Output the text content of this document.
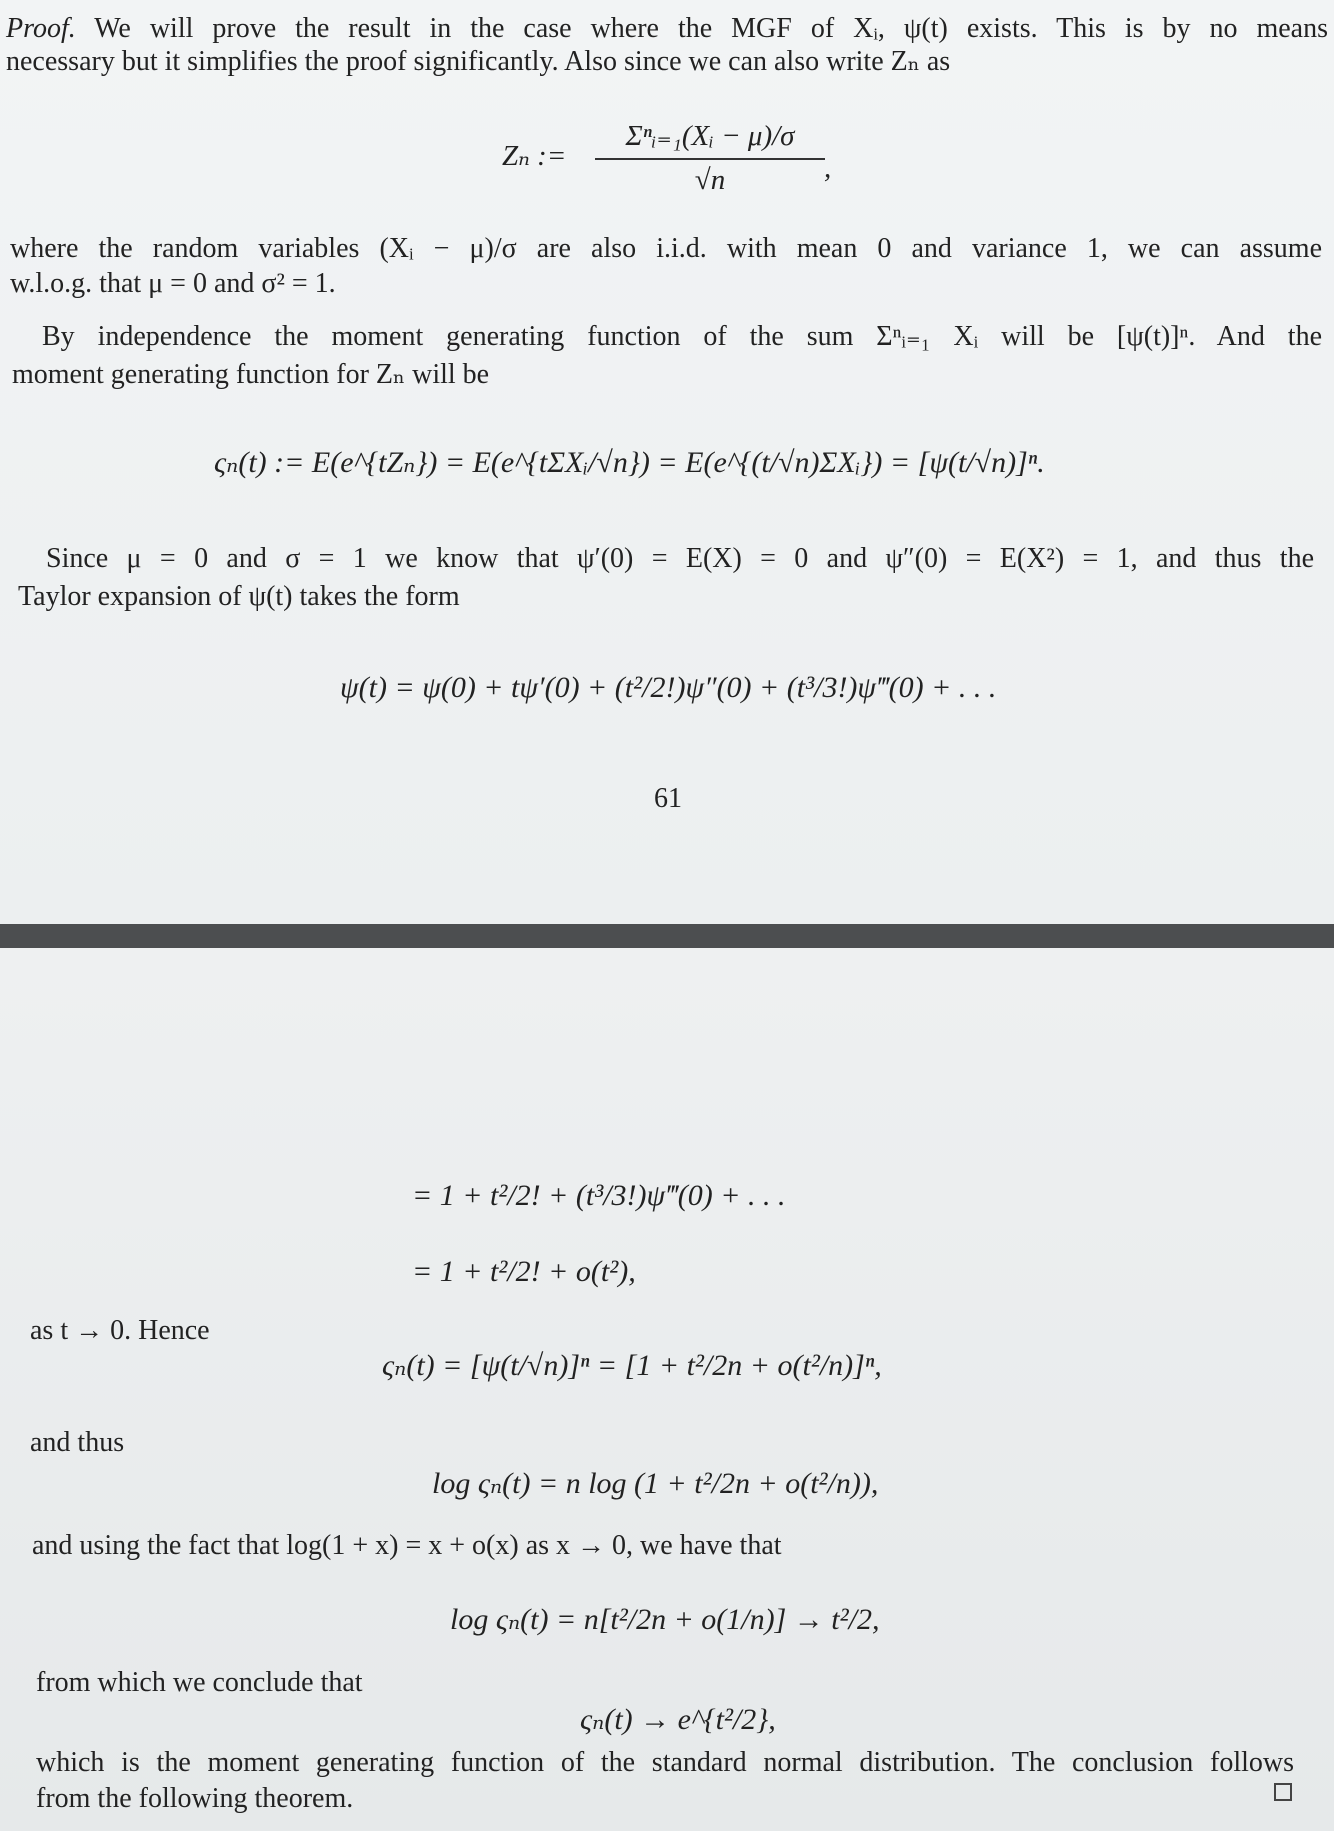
Proof. We will prove the result in the case where the MGF of Xᵢ, ψ(t) exists. This is by no means
necessary but it simplifies the proof significantly. Also since we can also write Zₙ as
Zₙ :=
Σⁿᵢ₌₁(Xᵢ − μ)/σ
√n	,
where the random variables (Xᵢ − μ)/σ are also i.i.d. with mean 0 and variance 1, we can assume
w.l.o.g. that μ = 0 and σ² = 1.
By independence the moment generating function of the sum Σⁿᵢ₌₁ Xᵢ will be [ψ(t)]ⁿ. And the
moment generating function for Zₙ will be
ςₙ(t) := E(e^{tZₙ}) = E(e^{tΣXᵢ/√n}) = E(e^{(t/√n)ΣXᵢ}) = [ψ(t/√n)]ⁿ.
Since μ = 0 and σ = 1 we know that ψ′(0) = E(X) = 0 and ψ″(0) = E(X²) = 1, and thus the
Taylor expansion of ψ(t) takes the form
ψ(t) = ψ(0) + tψ′(0) + (t²/2!)ψ″(0) + (t³/3!)ψ‴(0) + . . .
61
= 1 + t²/2! + (t³/3!)ψ‴(0) + . . .
= 1 + t²/2! + o(t²),
as t → 0. Hence
ςₙ(t) = [ψ(t/√n)]ⁿ = [1 + t²/2n + o(t²/n)]ⁿ,
and thus
log ςₙ(t) = n log (1 + t²/2n + o(t²/n)),
and using the fact that log(1 + x) = x + o(x) as x → 0, we have that
log ςₙ(t) = n[t²/2n + o(1/n)] → t²/2,
from which we conclude that
ςₙ(t) → e^{t²/2},
which is the moment generating function of the standard normal distribution. The conclusion follows
from the following theorem.
